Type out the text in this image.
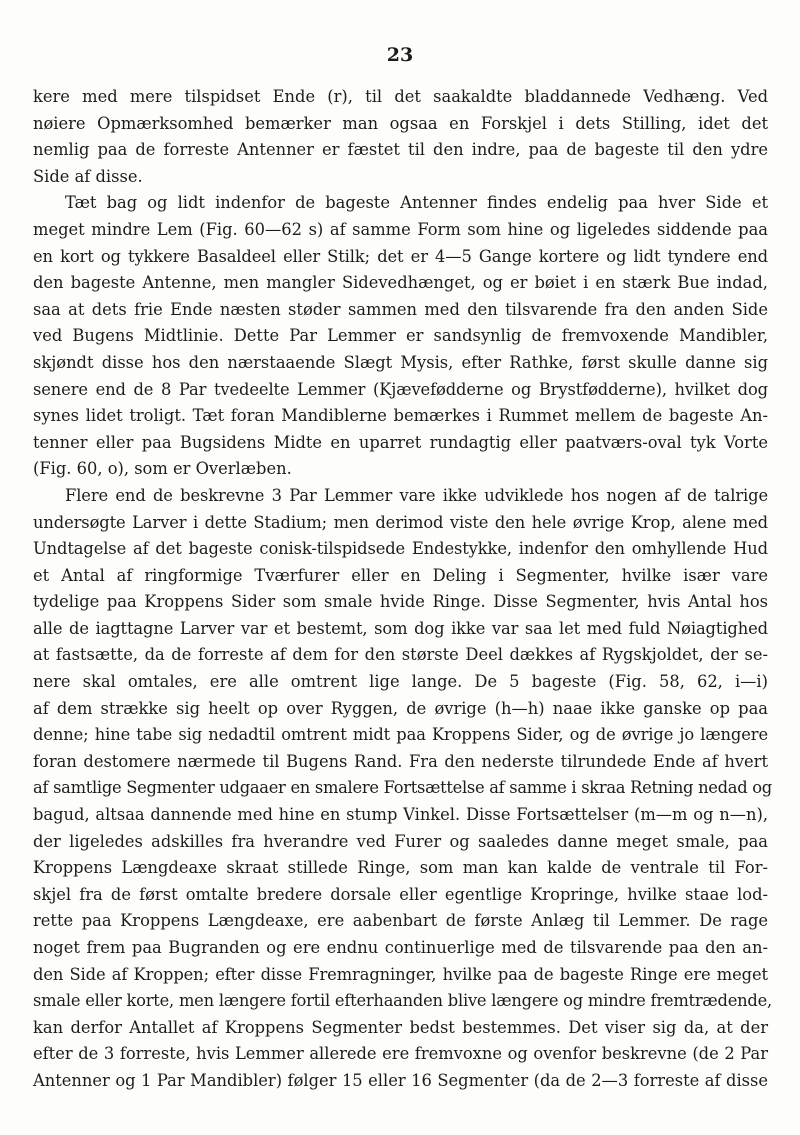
23
kere med mere tilspidset Ende (r), til det saakaldte bladdannede Vedhæng. Ved
nøiere Opmærksomhed bemærker man ogsaa en Forskjel i dets Stilling, idet det
nemlig paa de forreste Antenner er fæstet til den indre, paa de bageste til den ydre
Side af disse.
Tæt bag og lidt indenfor de bageste Antenner findes endelig paa hver Side et
meget mindre Lem (Fig. 60—62 s) af samme Form som hine og ligeledes siddende paa
en kort og tykkere Basaldeel eller Stilk; det er 4—5 Gange kortere og lidt tyndere end
den bageste Antenne, men mangler Sidevedhænget, og er bøiet i en stærk Bue indad,
saa at dets frie Ende næsten støder sammen med den tilsvarende fra den anden Side
ved Bugens Midtlinie. Dette Par Lemmer er sandsynlig de fremvoxende Mandibler,
skjøndt disse hos den nærstaaende Slægt Mysis, efter Rathke, først skulle danne sig
senere end de 8 Par tvedeelte Lemmer (Kjævefødderne og Brystfødderne), hvilket dog
synes lidet troligt. Tæt foran Mandiblerne bemærkes i Rummet mellem de bageste An-
tenner eller paa Bugsidens Midte en uparret rundagtig eller paatværs-oval tyk Vorte
(Fig. 60, o), som er Overlæben.
Flere end de beskrevne 3 Par Lemmer vare ikke udviklede hos nogen af de talrige
undersøgte Larver i dette Stadium; men derimod viste den hele øvrige Krop, alene med
Undtagelse af det bageste conisk-tilspidsede Endestykke, indenfor den omhyllende Hud
et Antal af ringformige Tværfurer eller en Deling i Segmenter, hvilke især vare
tydelige paa Kroppens Sider som smale hvide Ringe. Disse Segmenter, hvis Antal hos
alle de iagttagne Larver var et bestemt, som dog ikke var saa let med fuld Nøiagtighed
at fastsætte, da de forreste af dem for den største Deel dækkes af Rygskjoldet, der se-
nere skal omtales, ere alle omtrent lige lange. De 5 bageste (Fig. 58, 62, i—i)
af dem strække sig heelt op over Ryggen, de øvrige (h—h) naae ikke ganske op paa
denne; hine tabe sig nedadtil omtrent midt paa Kroppens Sider, og de øvrige jo længere
foran destomere nærmede til Bugens Rand. Fra den nederste tilrundede Ende af hvert
af samtlige Segmenter udgaaer en smalere Fortsættelse af samme i skraa Retning nedad og
bagud, altsaa dannende med hine en stump Vinkel. Disse Fortsættelser (m—m og n—n),
der ligeledes adskilles fra hverandre ved Furer og saaledes danne meget smale, paa
Kroppens Længdeaxe skraat stillede Ringe, som man kan kalde de ventrale til For-
skjel fra de først omtalte bredere dorsale eller egentlige Kropringe, hvilke staae lod-
rette paa Kroppens Længdeaxe, ere aabenbart de første Anlæg til Lemmer. De rage
noget frem paa Bugranden og ere endnu continuerlige med de tilsvarende paa den an-
den Side af Kroppen; efter disse Fremragninger, hvilke paa de bageste Ringe ere meget
smale eller korte, men længere fortil efterhaanden blive længere og mindre fremtrædende,
kan derfor Antallet af Kroppens Segmenter bedst bestemmes. Det viser sig da, at der
efter de 3 forreste, hvis Lemmer allerede ere fremvoxne og ovenfor beskrevne (de 2 Par
Antenner og 1 Par Mandibler) følger 15 eller 16 Segmenter (da de 2—3 forreste af disse
